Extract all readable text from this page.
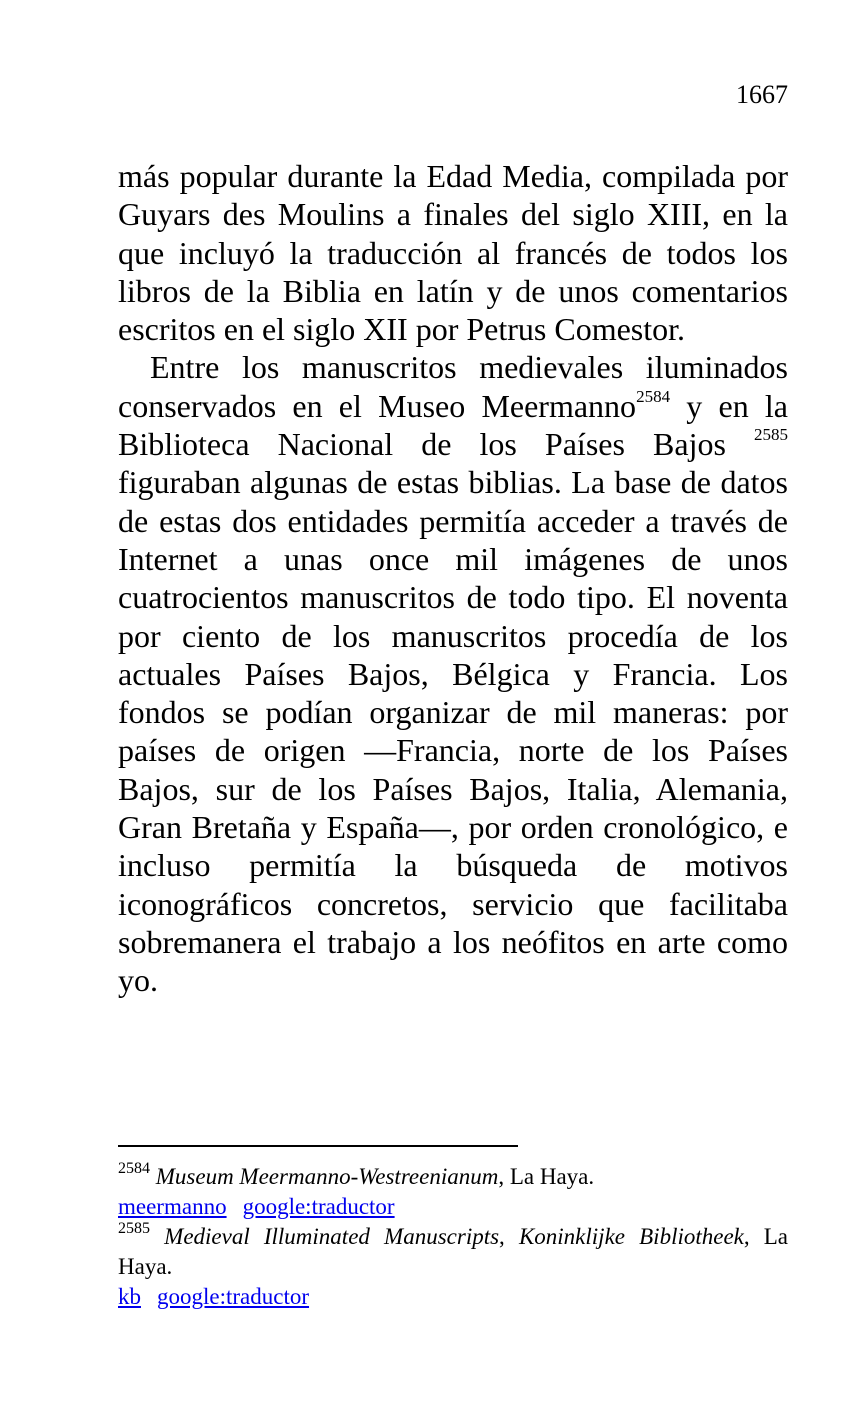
1667

más popular durante la Edad Media, compilada por Guyars des Moulins a finales del siglo XIII, en la que incluyó la traducción al francés de todos los libros de la Biblia en latín y de unos comentarios escritos en el siglo XII por Petrus Comestor.

Entre los manuscritos medievales iluminados conservados en el Museo Meermanno$^{2584}$ y en la Biblioteca Nacional de los Países Bajos $^{2585}$ figuraban algunas de estas biblias. La base de datos de estas dos entidades permitía acceder a través de Internet a unas once mil imágenes de unos cuatrocientos manuscritos de todo tipo. El noventa por ciento de los manuscritos procedía de los actuales Países Bajos, Bélgica y Francia. Los fondos se podían organizar de mil maneras: por países de origen —Francia, norte de los Países Bajos, sur de los Países Bajos, Italia, Alemania, Gran Bretaña y España—, por orden cronológico, e incluso permitía la búsqueda de motivos iconográficos concretos, servicio que facilitaba sobremanera el trabajo a los neófitos en arte como yo.

$^{2584}$ Museum Meermanno-Westreenianum, La Haya.

meermanno google:traductor

$^{2585}$ Medieval Illuminated Manuscripts, Koninklijke Bibliotheek, La Haya.

kb google:traductor
